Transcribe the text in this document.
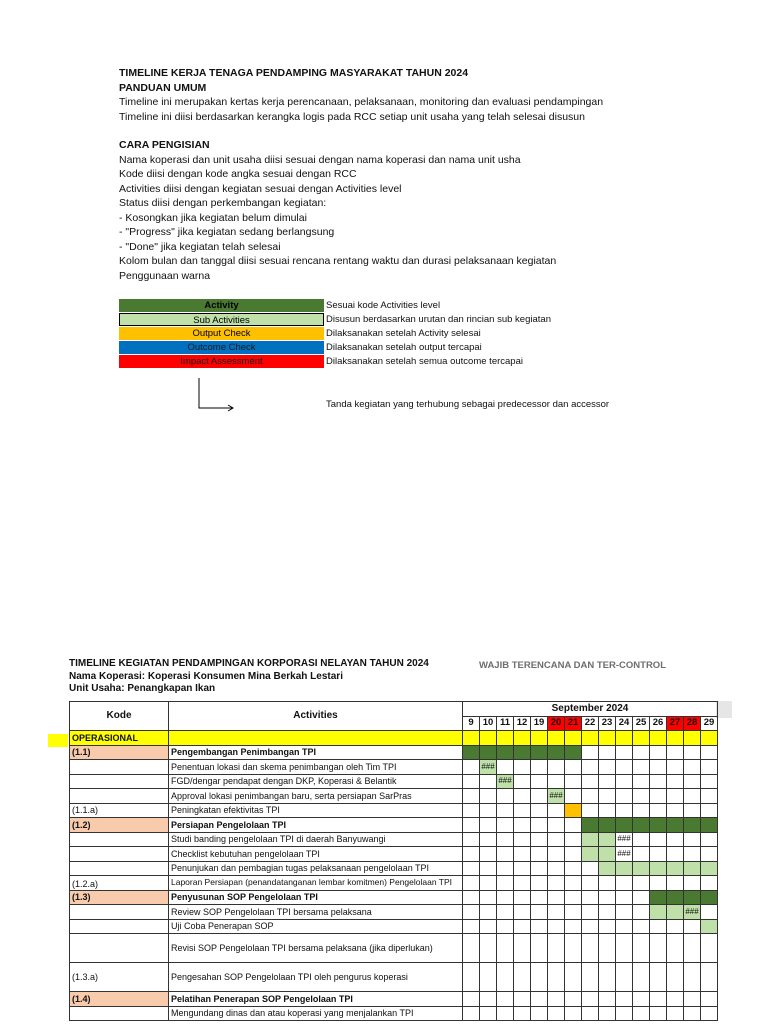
TIMELINE KERJA TENAGA PENDAMPING MASYARAKAT TAHUN 2024

PANDUAN UMUM

Timeline ini merupakan kertas kerja perencanaan, pelaksanaan, monitoring dan evaluasi pendampingan

Timeline ini diisi berdasarkan kerangka logis pada RCC setiap unit usaha yang telah selesai disusun

CARA PENGISIAN

Nama koperasi dan unit usaha diisi sesuai dengan nama koperasi dan nama unit usha

Kode diisi dengan kode angka sesuai dengan RCC

Activities diisi dengan kegiatan sesuai dengan Activities level

Status diisi dengan perkembangan kegiatan:

- Kosongkan jika kegiatan belum dimulai

- "Progress" jika kegiatan sedang berlangsung

- "Done" jika kegiatan telah selesai

Kolom bulan dan tanggal diisi sesuai rencana rentang waktu dan durasi pelaksanaan kegiatan

Penggunaan warna

Activity	Sesuai kode Activities level
Sub Activities	Disusun berdasarkan urutan dan rincian sub kegiatan
Output Check	Dilaksanakan setelah Activity selesai
Outcome Check	Dilaksanakan setelah output tercapai
Impact Assessment	Dilaksanakan setelah semua outcome tercapai
Tanda kegiatan yang terhubung sebagai predecessor dan accessor

TIMELINE KEGIATAN PENDAMPINGAN KORPORASI NELAYAN TAHUN 2024

Nama Koperasi: Koperasi Konsumen Mina Berkah Lestari

Unit Usaha: Penangkapan Ikan

WAJIB TERENCANA DAN TER-CONTROL
Kode	Activities	September 2024														
		9	10	11	12	19	20	21	22	23	24	25	26	27	28	29
OPERASIONAL																
(1.1)	Pengembangan Penimbangan TPI															
	Penentuan lokasi dan skema penimbangan oleh Tim TPI		###													
	FGD/dengar pendapat dengan DKP, Koperasi & Belantik			###												
	Approval lokasi penimbangan baru, serta persiapan SarPras						###									
(1.1.a)	Peningkatan efektivitas TPI															
(1.2)	Persiapan Pengelolaan TPI															
	Studi banding pengelolaan TPI di daerah Banyuwangi										###					
	Checklist kebutuhan pengelolaan TPI										###					
	Penunjukan dan pembagian tugas pelaksanaan pengelolaan TPI															
(1.2.a)	Laporan Persiapan (penandatanganan lembar komitmen) Pengelolaan TPI															
(1.3)	Penyusunan SOP Pengelolaan TPI															
	Review SOP Pengelolaan TPI bersama pelaksana														###	
	Uji Coba Penerapan SOP															
	Revisi SOP Pengelolaan TPI bersama pelaksana (jika diperlukan)															
(1.3.a)	Pengesahan SOP Pengelolaan TPI oleh pengurus koperasi															
(1.4)	Pelatihan Penerapan SOP Pengelolaan TPI															
	Mengundang dinas dan atau koperasi yang menjalankan TPI															
